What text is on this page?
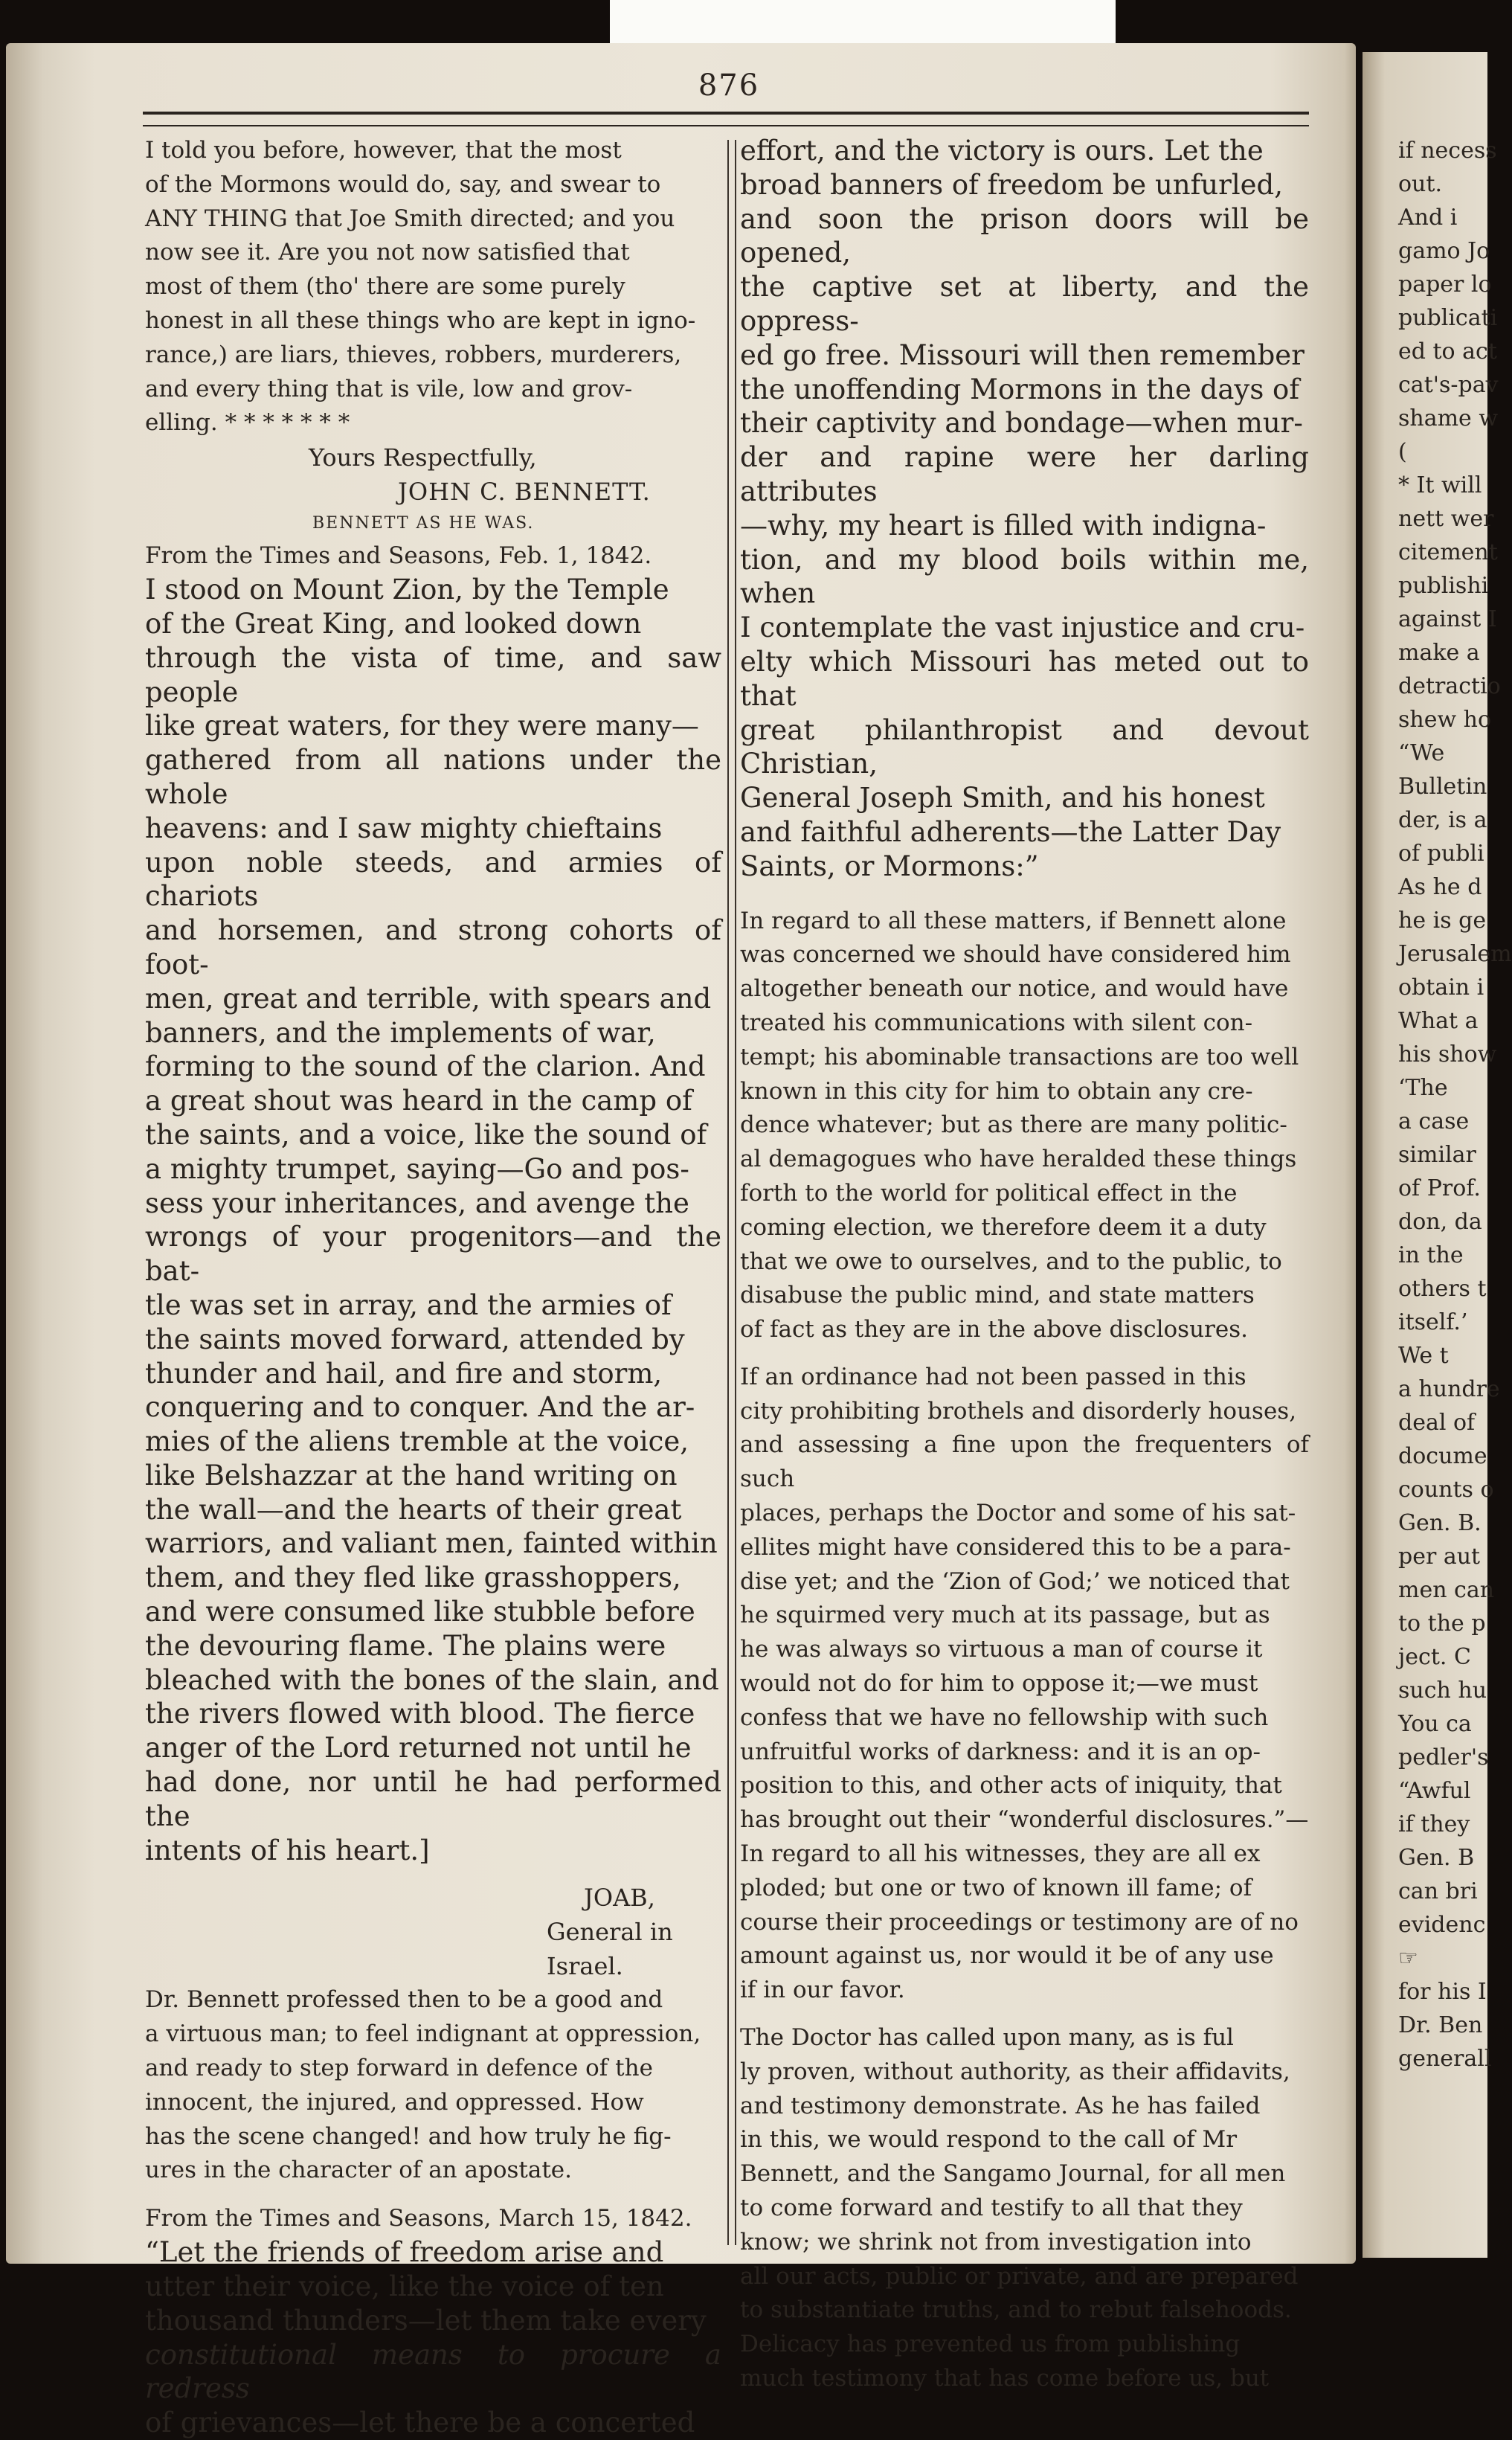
876

I told you before, however, that the most

of the Mormons would do, say, and swear to

ANY THING that Joe Smith directed; and you

now see it. Are you not now satisfied that

most of them (tho' there are some purely

honest in all these things who are kept in igno-

rance,) are liars, thieves, robbers, murderers,

and every thing that is vile, low and grov-

elling. * * * * * * *

Yours Respectfully,

JOHN C. BENNETT.

BENNETT AS HE WAS.

From the Times and Seasons, Feb. 1, 1842.

I stood on Mount Zion, by the Temple

of the Great King, and looked down

through the vista of time, and saw people

like great waters, for they were many—

gathered from all nations under the whole

heavens: and I saw mighty chieftains

upon noble steeds, and armies of chariots

and horsemen, and strong cohorts of foot-

men, great and terrible, with spears and

banners, and the implements of war,

forming to the sound of the clarion. And

a great shout was heard in the camp of

the saints, and a voice, like the sound of

a mighty trumpet, saying—Go and pos-

sess your inheritances, and avenge the

wrongs of your progenitors—and the bat-

tle was set in array, and the armies of

the saints moved forward, attended by

thunder and hail, and fire and storm,

conquering and to conquer. And the ar-

mies of the aliens tremble at the voice,

like Belshazzar at the hand writing on

the wall—and the hearts of their great

warriors, and valiant men, fainted within

them, and they fled like grasshoppers,

and were consumed like stubble before

the devouring flame. The plains were

bleached with the bones of the slain, and

the rivers flowed with blood. The fierce

anger of the Lord returned not until he

had done, nor until he had performed the

intents of his heart.]

JOAB,

General in Israel.

Dr. Bennett professed then to be a good and

a virtuous man; to feel indignant at oppression,

and ready to step forward in defence of the

innocent, the injured, and oppressed. How

has the scene changed! and how truly he fig-

ures in the character of an apostate.

From the Times and Seasons, March 15, 1842.

“Let the friends of freedom arise and

utter their voice, like the voice of ten

thousand thunders—let them take every

constitutional means to procure a redress

of grievances—let there be a concerted

effort, and the victory is ours. Let the

broad banners of freedom be unfurled,

and soon the prison doors will be opened,

the captive set at liberty, and the oppress-

ed go free. Missouri will then remember

the unoffending Mormons in the days of

their captivity and bondage—when mur-

der and rapine were her darling attributes

—why, my heart is filled with indigna-

tion, and my blood boils within me, when

I contemplate the vast injustice and cru-

elty which Missouri has meted out to that

great philanthropist and devout Christian,

General Joseph Smith, and his honest

and faithful adherents—the Latter Day

Saints, or Mormons:”

In regard to all these matters, if Bennett alone

was concerned we should have considered him

altogether beneath our notice, and would have

treated his communications with silent con-

tempt; his abominable transactions are too well

known in this city for him to obtain any cre-

dence whatever; but as there are many politic-

al demagogues who have heralded these things

forth to the world for political effect in the

coming election, we therefore deem it a duty

that we owe to ourselves, and to the public, to

disabuse the public mind, and state matters

of fact as they are in the above disclosures.

If an ordinance had not been passed in this

city prohibiting brothels and disorderly houses,

and assessing a fine upon the frequenters of such

places, perhaps the Doctor and some of his sat-

ellites might have considered this to be a para-

dise yet; and the ‘Zion of God;’ we noticed that

he squirmed very much at its passage, but as

he was always so virtuous a man of course it

would not do for him to oppose it;—we must

confess that we have no fellowship with such

unfruitful works of darkness: and it is an op-

position to this, and other acts of iniquity, that

has brought out their “wonderful disclosures.”—

In regard to all his witnesses, they are all ex

ploded; but one or two of known ill fame; of

course their proceedings or testimony are of no

amount against us, nor would it be of any use

if in our favor.

The Doctor has called upon many, as is ful

ly proven, without authority, as their affidavits,

and testimony demonstrate. As he has failed

in this, we would respond to the call of Mr

Bennett, and the Sangamo Journal, for all men

to come forward and testify to all that they

know; we shrink not from investigation into

all our acts, public or private, and are prepared

to substantiate truths, and to rebut falsehoods.

Delicacy has prevented us from publishing

much testimony that has come before us, but

if necess

out.

And i

gamo Jo

paper lo

publicati

ed to act

cat's-pav

shame w

(

* It will

nett wer

citement

publishi

against I

make a

detractio

shew ho

“We

Bulletin

der, is a

of publi

As he d

he is ge

Jerusalem

obtain i

What a

his show

‘The

a case

similar

of Prof.

don, da

in the

others t

itself.’

We t

a hundre

deal of

docume

counts o

Gen. B.

per aut

men can

to the p

ject. C

such hu

You ca

pedler's

“Awful

if they

Gen. B

can bri

evidenc

☞

for his I

Dr. Ben

generall
